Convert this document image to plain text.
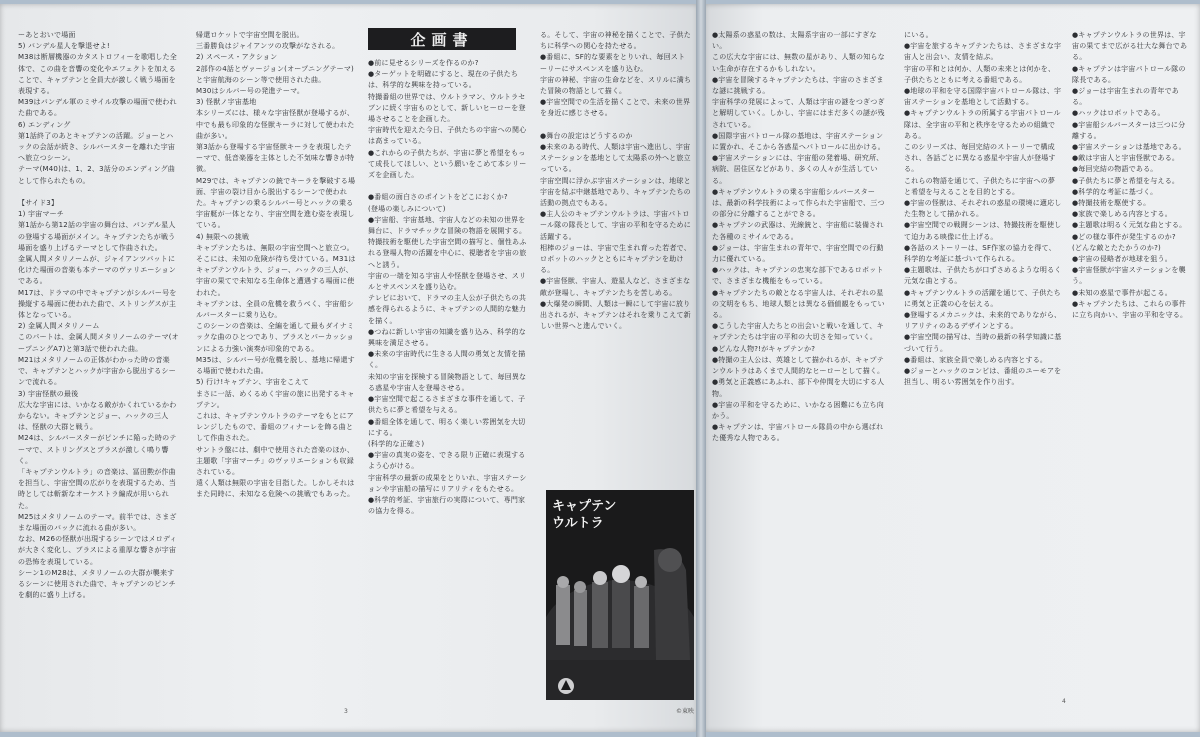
ーあとおいで場面
5) バンデル星人を撃退せよ!
M38は断層機器のカタストロフィーを歌唱した全体で、この曲を音響の変化やエフェクトを加えることで、キャプテンと全員大が激しく戦う場面を表現する。
M39はバンデル軍のミサイル攻撃の場面で使われた曲である。
6) エンディング
第1話終了のあとキャプテンの活躍。ジョーとハックの会話が続き、シルバースターを離れた宇宙へ旅立つシーン。
テーマ(M40)は、1、2、3話分のエンディング曲として作られたもの。

【サイド3】
1) 宇宙マーチ
第1話から第12話の宇宙の舞台は、バンデル星人の登場する場面がメイン。キャプテンたちが戦う場面を盛り上げるテーマとして作曲された。
金属人間メタリノームが、ジャイアンツバットに化けた場面の音楽も本テーマのヴァリエーションである。
M17は、ドラマの中でキャプテンがシルバー号を操縦する場面に使われた曲で、ストリングスが主体となっている。
2) 金属人間メタリノーム
このパートは、金属人間メタリノームのテーマ(オープニングA7)と第3話で使われた曲。
M21はメタリノームの正体がわかった時の音楽で、キャプテンとハックが宇宙から脱出するシーンで流れる。
3) 宇宙怪獣の最後
広大な宇宙には、いかなる敵がかくれているかわからない。キャプテンとジョー、ハックの三人は、怪獣の大群と戦う。
M24は、シルバースターがピンチに陥った時のテーマで、ストリングスとブラスが激しく鳴り響く。
「キャプテンウルトラ」の音楽は、冨田勲が作曲を担当し、宇宙空間の広がりを表現するため、当時としては斬新なオーケストラ編成が用いられた。
M25はメタリノームのテーマ。前半では、さまざまな場面のバックに流れる曲が多い。
なお、M26の怪獣が出現するシーンではメロディが大きく変化し、ブラスによる重厚な響きが宇宙の恐怖を表現している。
シーン1のM28は、メタリノームの大群が襲来するシーンに使用された曲で、キャプテンのピンチを劇的に盛り上げる。
帰還ロケットで宇宙空間を脱出。
三番勝負はジャイアンツの攻撃がなされる。
2) スペース・アクション
2部作の4話とヴァージョン(オープニングテーマ)と宇宙航海のシーン等で使用された曲。
M30はシルバー号の発進テーマ。
3) 怪獣ノ宇宙基地
本シリーズには、様々な宇宙怪獣が登場するが、中でも最も印象的な怪獣キーラに対して使われた曲が多い。
第3話から登場する宇宙怪獣キーラを表現したテーマで、低音楽器を主体とした不気味な響きが特徴。
M29では、キャプテンの銃でキーラを撃破する場面、宇宙の裂け目から脱出するシーンで使われた。キャプテンの乗るシルバー号とハックの乗る宇宙艇が一体となり、宇宙空間を進む姿を表現している。
4) 無限への挑戦
キャプテンたちは、無限の宇宙空間へと旅立つ。そこには、未知の危険が待ち受けている。M31はキャプテンウルトラ、ジョー、ハックの三人が、宇宙の果てで未知なる生命体と遭遇する場面に使われた。
キャプテンは、全員の危機を救うべく、宇宙船シルバースターに乗り込む。
このシーンの音楽は、全編を通して最もダイナミックな曲のひとつであり、ブラスとパーカッションによる力強い演奏が印象的である。
M35は、シルバー号が危機を脱し、基地に帰還する場面で使われた曲。
5) 行け!キャプテン、宇宙をこえて
まさに一話、めくるめく宇宙の旅に出発するキャプテン。
これは、キャプテンウルトラのテーマをもとにアレンジしたもので、番組のフィナーレを飾る曲として作曲された。
サントラ盤には、劇中で使用された音楽のほか、主題歌「宇宙マーチ」のヴァリエーションも収録されている。
遠く人類は無限の宇宙を目指した。しかしそれはまた同時に、未知なる危険への挑戦でもあった。
企画書
●前に見せるシリーズを作るのか?
●ターゲットを明確にすると、現在の子供たちは、科学的な興味を持っている。
特撮番組の世界では、ウルトラマン、ウルトラセブンに続く宇宙ものとして、新しいヒーローを登場させることを企画した。
宇宙時代を迎えた今日、子供たちの宇宙への関心は高まっている。
●これからの子供たちが、宇宙に夢と希望をもって成長してほしい、という願いをこめて本シリーズを企画した。

●番組の面白さのポイントをどこにおくか?
(登場の楽しみについて)
●宇宙船、宇宙基地、宇宙人などの未知の世界を舞台に、ドラマチックな冒険の物語を展開する。
特撮技術を駆使した宇宙空間の描写と、個性あふれる登場人物の活躍を中心に、視聴者を宇宙の旅へと誘う。
宇宙の一端を知る宇宙人や怪獣を登場させ、スリルとサスペンスを盛り込む。
テレビにおいて、ドラマの主人公が子供たちの共感を得られるように、キャプテンの人間的な魅力を描く。
●つねに新しい宇宙の知識を盛り込み、科学的な興味を満足させる。
●未来の宇宙時代に生きる人間の勇気と友情を描く。
未知の宇宙を探検する冒険物語として、毎回異なる惑星や宇宙人を登場させる。
●宇宙空間で起こるさまざまな事件を通して、子供たちに夢と希望を与える。
●番組全体を通して、明るく楽しい雰囲気を大切にする。
(科学的な正確さ)
●宇宙の真実の姿を、できる限り正確に表現するよう心がける。
宇宙科学の最新の成果をとりいれ、宇宙ステーションや宇宙船の描写にリアリティをもたせる。
●科学的考証、宇宙旅行の実際について、専門家の協力を得る。
る。そして、宇宙の神秘を描くことで、子供たちに科学への関心を持たせる。
●番組に、SF的な要素をとりいれ、毎回ストーリーにサスペンスを盛り込む。
宇宙の神秘、宇宙の生命などを、スリルに満ちた冒険の物語として描く。
●宇宙空間での生活を描くことで、未来の世界を身近に感じさせる。

●舞台の設定はどうするのか
●未来のある時代、人類は宇宙へ進出し、宇宙ステーションを基地として太陽系の外へと旅立っている。
宇宙空間に浮かぶ宇宙ステーションは、地球と宇宙を結ぶ中継基地であり、キャプテンたちの活動の拠点でもある。
●主人公のキャプテンウルトラは、宇宙パトロール隊の隊長として、宇宙の平和を守るために活躍する。
相棒のジョーは、宇宙で生まれ育った若者で、ロボットのハックとともにキャプテンを助ける。
●宇宙怪獣、宇宙人、遊星人など、さまざまな敵が登場し、キャプテンたちを苦しめる。
●大爆発の瞬間、人類は一瞬にして宇宙に放り出されるが、キャプテンはそれを乗りこえて新しい世界へと進んでいく。
キャプテン
ウルトラ
●太陽系の惑星の数は、太陽系宇宙の一部にすぎない。
この広大な宇宙には、無数の星があり、人類の知らない生命が存在するかもしれない。
●宇宙を冒険するキャプテンたちは、宇宙のさまざまな謎に挑戦する。
宇宙科学の発展によって、人類は宇宙の謎をつぎつぎと解明していく。しかし、宇宙にはまだ多くの謎が残されている。
●国際宇宙パトロール隊の基地は、宇宙ステーションに置かれ、そこから各惑星へパトロールに出かける。
●宇宙ステーションには、宇宙船の発着場、研究所、病院、居住区などがあり、多くの人々が生活している。
●キャプテンウルトラの乗る宇宙船シルバースターは、最新の科学技術によって作られた宇宙船で、三つの部分に分離することができる。
●キャプテンの武器は、光線銃と、宇宙船に装備された各種のミサイルである。
●ジョーは、宇宙生まれの青年で、宇宙空間での行動力に優れている。
●ハックは、キャプテンの忠実な部下であるロボットで、さまざまな機能をもっている。
●キャプテンたちの敵となる宇宙人は、それぞれの星の文明をもち、地球人類とは異なる価値観をもっている。
●こうした宇宙人たちとの出会いと戦いを通して、キャプテンたちは宇宙の平和の大切さを知っていく。
●どんな人物?!がキャプテンか?
●特撮の主人公は、英雄として描かれるが、キャプテンウルトラはあくまで人間的なヒーローとして描く。
●勇気と正義感にあふれ、部下や仲間を大切にする人物。
●宇宙の平和を守るために、いかなる困難にも立ち向かう。
●キャプテンは、宇宙パトロール隊員の中から選ばれた優秀な人物である。
にいる。
●宇宙を旅するキャプテンたちは、さまざまな宇宙人と出会い、友情を結ぶ。
宇宙の平和とは何か、人類の未来とは何かを、子供たちとともに考える番組である。
●地球の平和を守る国際宇宙パトロール隊は、宇宙ステーションを基地として活動する。
●キャプテンウルトラの所属する宇宙パトロール隊は、全宇宙の平和と秩序を守るための組織である。
このシリーズは、毎回完結のストーリーで構成され、各話ごとに異なる惑星や宇宙人が登場する。
これらの物語を通じて、子供たちに宇宙への夢と希望を与えることを目的とする。
●宇宙の怪獣は、それぞれの惑星の環境に適応した生物として描かれる。
●宇宙空間での戦闘シーンは、特撮技術を駆使して迫力ある映像に仕上げる。
●各話のストーリーは、SF作家の協力を得て、科学的な考証に基づいて作られる。
●主題歌は、子供たちが口ずさめるような明るく元気な曲とする。
●キャプテンウルトラの活躍を通じて、子供たちに勇気と正義の心を伝える。
●登場するメカニックは、未来的でありながら、リアリティのあるデザインとする。
●宇宙空間の描写は、当時の最新の科学知識に基づいて行う。
●番組は、家族全員で楽しめる内容とする。
●ジョーとハックのコンビは、番組のユーモアを担当し、明るい雰囲気を作り出す。
●キャプテンウルトラの世界は、宇宙の果てまで広がる壮大な舞台である。
●キャプテンは宇宙パトロール隊の隊長である。
●ジョーは宇宙生まれの青年である。
●ハックはロボットである。
●宇宙船シルバースターは三つに分離する。
●宇宙ステーションは基地である。
●敵は宇宙人と宇宙怪獣である。
●毎回完結の物語である。
●子供たちに夢と希望を与える。
●科学的な考証に基づく。
●特撮技術を駆使する。
●家族で楽しめる内容とする。
●主題歌は明るく元気な曲とする。
●どの様な事件が発生するのか?
(どんな敵とたたかうのか?)
●宇宙の侵略者が地球を狙う。
●宇宙怪獣が宇宙ステーションを襲う。
●未知の惑星で事件が起こる。
●キャプテンたちは、これらの事件に立ち向かい、宇宙の平和を守る。
3
4
©東映
